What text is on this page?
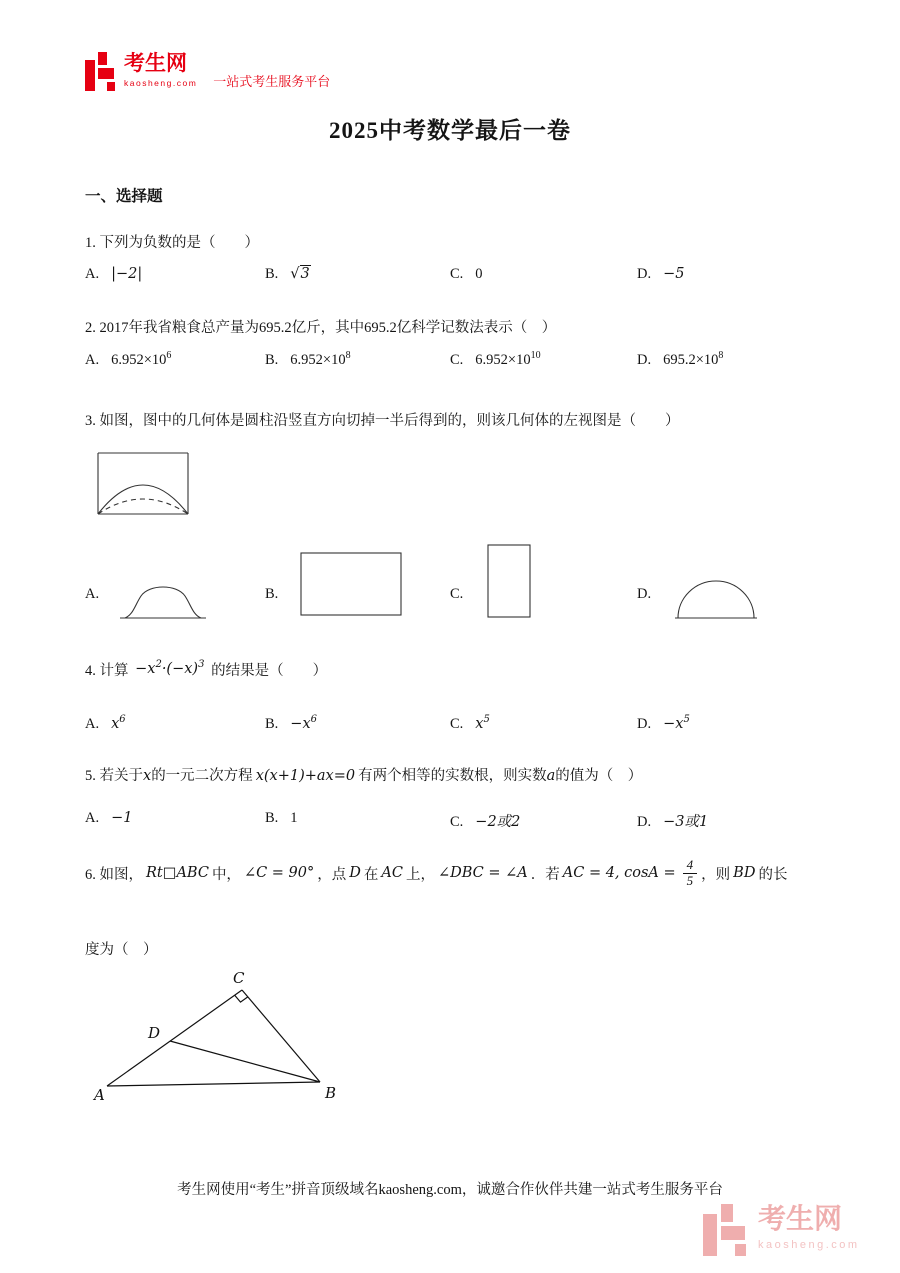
考生网
kaosheng.com 一站式考生服务平台
2025中考数学最后一卷
一、选择题
1. 下列为负数的是（　　）
A. |−2|	B. √3	C. 0	D. −5
2. 2017年我省粮食总产量为695.2亿斤，其中695.2亿科学记数法表示（　）
A. $6.952\times 10^6$	B. $6.952\times 10^8$	C. $6.952\times 10^{10}$	D. $695.2\times 10^8$
3. 如图，图中的几何体是圆柱沿竖直方向切掉一半后得到的，则该几何体的左视图是（　　）
A.	B.	C.	D.
4. 计算 $-x^2\cdot(-x)^3$ 的结果是（　　）
A. $x^6$	B. $-x^6$	C. $x^5$	D. $-x^5$
5. 若关于x的一元二次方程 x(x+1)+ax=0 有两个相等的实数根，则实数a的值为（　）
A. −1	B. 1	C. −2或2	D. −3或1
6. 如图， Rt□ABC 中， ∠C = 90° ，点 D 在 AC 上， ∠DBC = ∠A ．若 AC = 4, $\cos A = \frac{4}{5}$ ，则 BD 的长
度为（　）
C
D
A	B
考生网使用“考生”拼音顶级域名kaosheng.com，诚邀合作伙伴共建一站式考生服务平台
考生网
kaosheng.com
